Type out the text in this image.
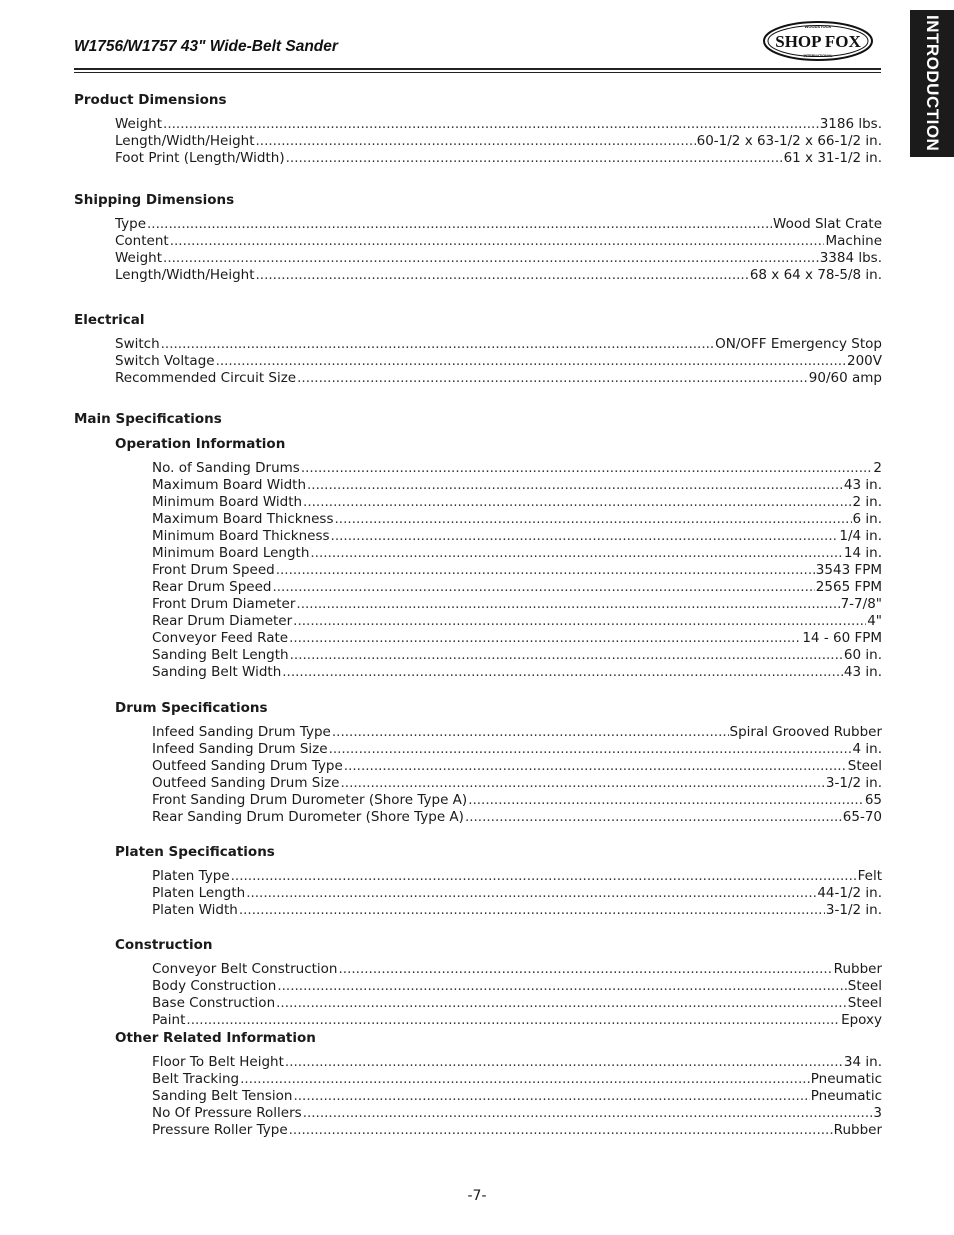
W1756/W1757 43" Wide-Belt Sander
WOODSTOCK
SHOP FOX
INTERNATIONAL	INTRODUCTION
Product Dimensions
Weight .....	3186 lbs.
Length/Width/Height .....	60-1/2 x 63-1/2 x 66-1/2 in.
Foot Print (Length/Width) .....	61 x 31-1/2 in.
Shipping Dimensions
Type .....	Wood Slat Crate
Content .....	Machine
Weight .....	3384 lbs.
Length/Width/Height .....	68 x 64 x 78-5/8 in.
Electrical
Switch .....	ON/OFF Emergency Stop
Switch Voltage .....	200V
Recommended Circuit Size .....	90/60 amp
Main Specifications
Operation Information
No. of Sanding Drums .....	2
Maximum Board Width .....	43 in.
Minimum Board Width .....	2 in.
Maximum Board Thickness .....	6 in.
Minimum Board Thickness .....	1/4 in.
Minimum Board Length .....	14 in.
Front Drum Speed .....	3543 FPM
Rear Drum Speed .....	2565 FPM
Front Drum Diameter .....	7-7/8"
Rear Drum Diameter .....	4"
Conveyor Feed Rate .....	14 - 60 FPM
Sanding Belt Length .....	60 in.
Sanding Belt Width .....	43 in.
Drum Specifications
Infeed Sanding Drum Type .....	Spiral Grooved Rubber
Infeed Sanding Drum Size .....	4 in.
Outfeed Sanding Drum Type .....	Steel
Outfeed Sanding Drum Size .....	3-1/2 in.
Front Sanding Drum Durometer (Shore Type A) .....	65
Rear Sanding Drum Durometer (Shore Type A) .....	65-70
Platen Specifications
Platen Type .....	Felt
Platen Length .....	44-1/2 in.
Platen Width .....	3-1/2 in.
Construction
Conveyor Belt Construction .....	Rubber
Body Construction .....	Steel
Base Construction .....	Steel
Paint .....	Epoxy
Other Related Information
Floor To Belt Height .....	34 in.
Belt Tracking .....	Pneumatic
Sanding Belt Tension .....	Pneumatic
No Of Pressure Rollers .....	3
Pressure Roller Type .....	Rubber
-7-
